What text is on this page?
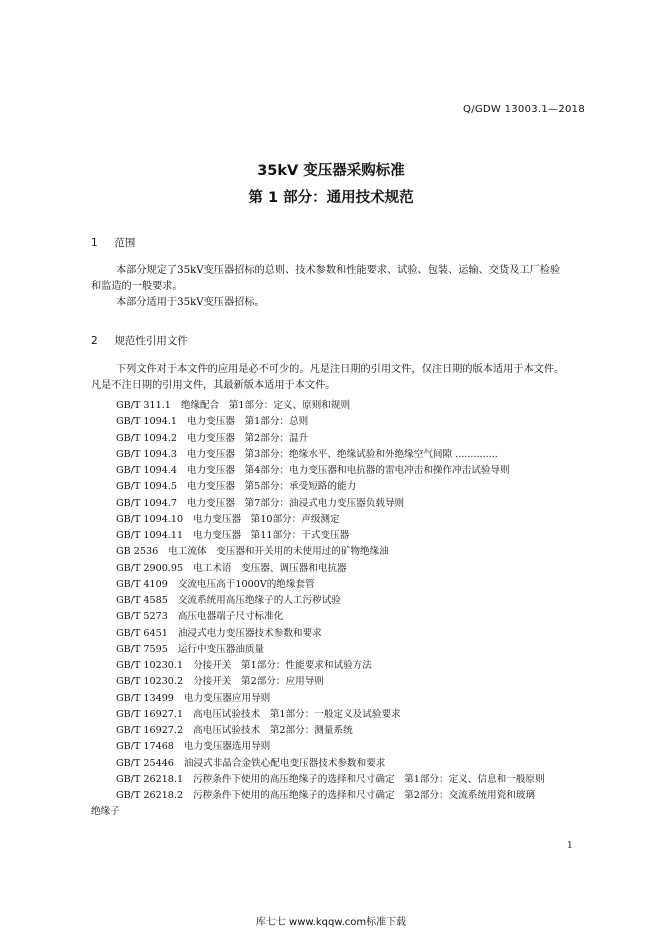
Q/GDW 13003.1—2018
35kV 变压器采购标准
第 1 部分：通用技术规范
1 范围
本部分规定了35kV变压器招标的总则、技术参数和性能要求、试验、包装、运输、交货及工厂检验
和监造的一般要求。
本部分适用于35kV变压器招标。
2 规范性引用文件
下列文件对于本文件的应用是必不可少的。凡是注日期的引用文件，仅注日期的版本适用于本文件。
凡是不注日期的引用文件，其最新版本适用于本文件。
GB/T 311.1 绝缘配合　第1部分：定义、原则和规则
GB/T 1094.1 电力变压器　第1部分：总则
GB/T 1094.2 电力变压器　第2部分：温升
GB/T 1094.3 电力变压器　第3部分：绝缘水平、绝缘试验和外绝缘空气间隙 ..............
GB/T 1094.4 电力变压器　第4部分：电力变压器和电抗器的雷电冲击和操作冲击试验导则
GB/T 1094.5 电力变压器　第5部分：承受短路的能力
GB/T 1094.7 电力变压器　第7部分：油浸式电力变压器负载导则
GB/T 1094.10 电力变压器　第10部分：声级测定
GB/T 1094.11 电力变压器　第11部分：干式变压器
GB 2536 电工流体　变压器和开关用的未使用过的矿物绝缘油
GB/T 2900.95 电工术语　变压器、调压器和电抗器
GB/T 4109 交流电压高于1000V的绝缘套管
GB/T 4585 交流系统用高压绝缘子的人工污秽试验
GB/T 5273 高压电器端子尺寸标准化
GB/T 6451 油浸式电力变压器技术参数和要求
GB/T 7595 运行中变压器油质量
GB/T 10230.1 分接开关　第1部分：性能要求和试验方法
GB/T 10230.2 分接开关　第2部分：应用导则
GB/T 13499 电力变压器应用导则
GB/T 16927.1 高电压试验技术　第1部分：一般定义及试验要求
GB/T 16927.2 高电压试验技术　第2部分：测量系统
GB/T 17468 电力变压器选用导则
GB/T 25446 油浸式非晶合金铁心配电变压器技术参数和要求
GB/T 26218.1 污秽条件下使用的高压绝缘子的选择和尺寸确定　第1部分：定义、信息和一般原则
GB/T 26218.2 污秽条件下使用的高压绝缘子的选择和尺寸确定　第2部分：交流系统用瓷和玻璃
绝缘子
1
库七七 www.kqqw.com标准下载
